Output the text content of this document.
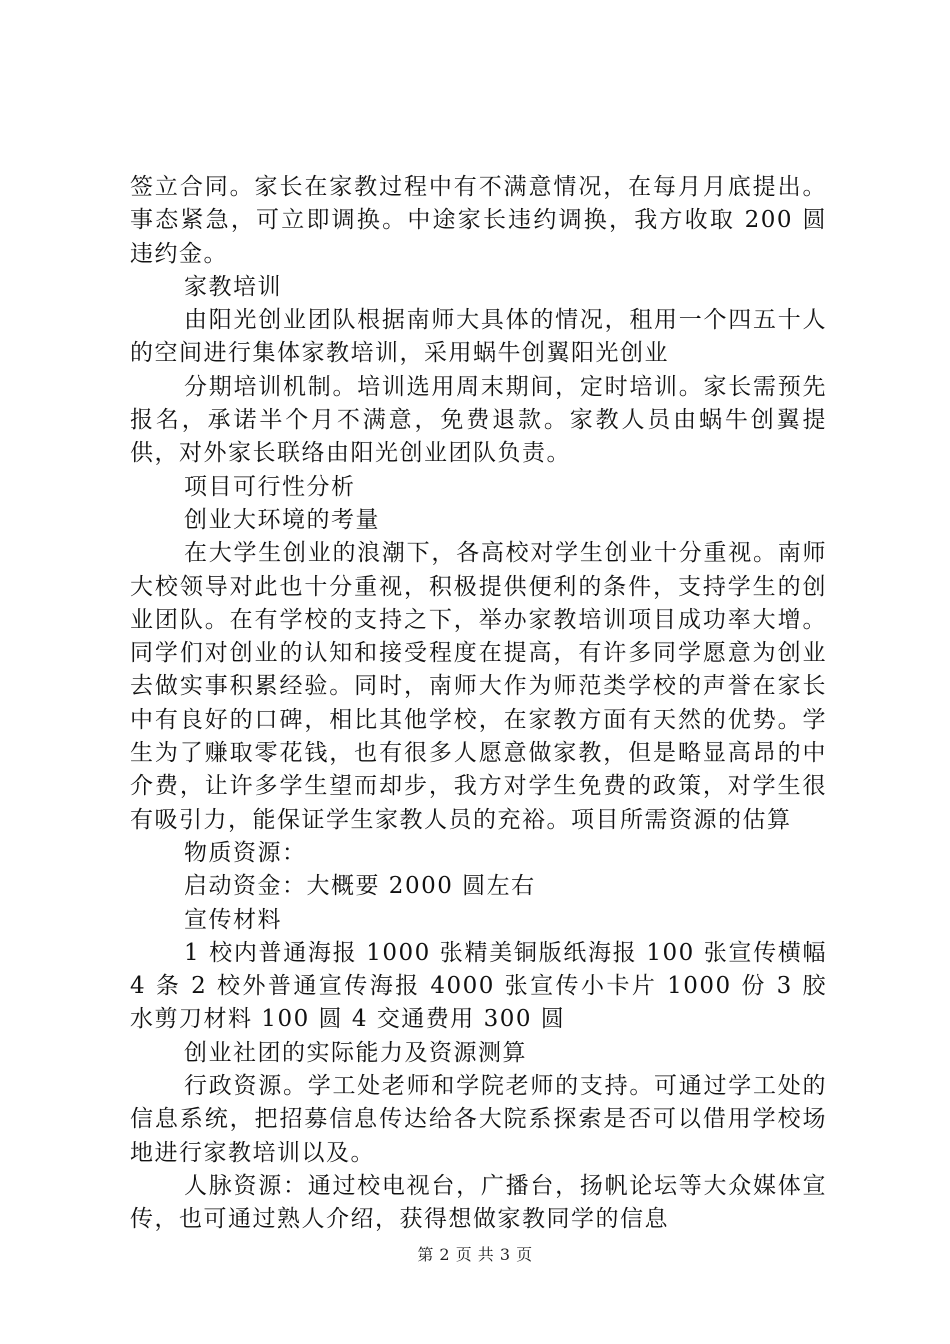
签立合同。家长在家教过程中有不满意情况，在每月月底提出。事态紧急，可立即调换。中途家长违约调换，我方收取 200 圆违约金。

家教培训

由阳光创业团队根据南师大具体的情况，租用一个四五十人的空间进行集体家教培训，采用蜗牛创翼阳光创业

分期培训机制。培训选用周末期间，定时培训。家长需预先报名，承诺半个月不满意，免费退款。家教人员由蜗牛创翼提供，对外家长联络由阳光创业团队负责。

项目可行性分析

创业大环境的考量

在大学生创业的浪潮下，各高校对学生创业十分重视。南师大校领导对此也十分重视，积极提供便利的条件，支持学生的创业团队。在有学校的支持之下，举办家教培训项目成功率大增。同学们对创业的认知和接受程度在提高，有许多同学愿意为创业去做实事积累经验。同时，南师大作为师范类学校的声誉在家长中有良好的口碑，相比其他学校，在家教方面有天然的优势。学生为了赚取零花钱，也有很多人愿意做家教，但是略显高昂的中介费，让许多学生望而却步，我方对学生免费的政策，对学生很有吸引力，能保证学生家教人员的充裕。项目所需资源的估算

物质资源：

启动资金：大概要 2000 圆左右

宣传材料

1 校内普通海报 1000 张精美铜版纸海报 100 张宣传横幅 4 条 2 校外普通宣传海报 4000 张宣传小卡片 1000 份 3 胶水剪刀材料 100 圆 4 交通费用 300 圆

创业社团的实际能力及资源测算

行政资源。学工处老师和学院老师的支持。可通过学工处的信息系统，把招募信息传达给各大院系探索是否可以借用学校场地进行家教培训以及。

人脉资源：通过校电视台，广播台，扬帆论坛等大众媒体宣传，也可通过熟人介绍，获得想做家教同学的信息

第 2 页 共 3 页
